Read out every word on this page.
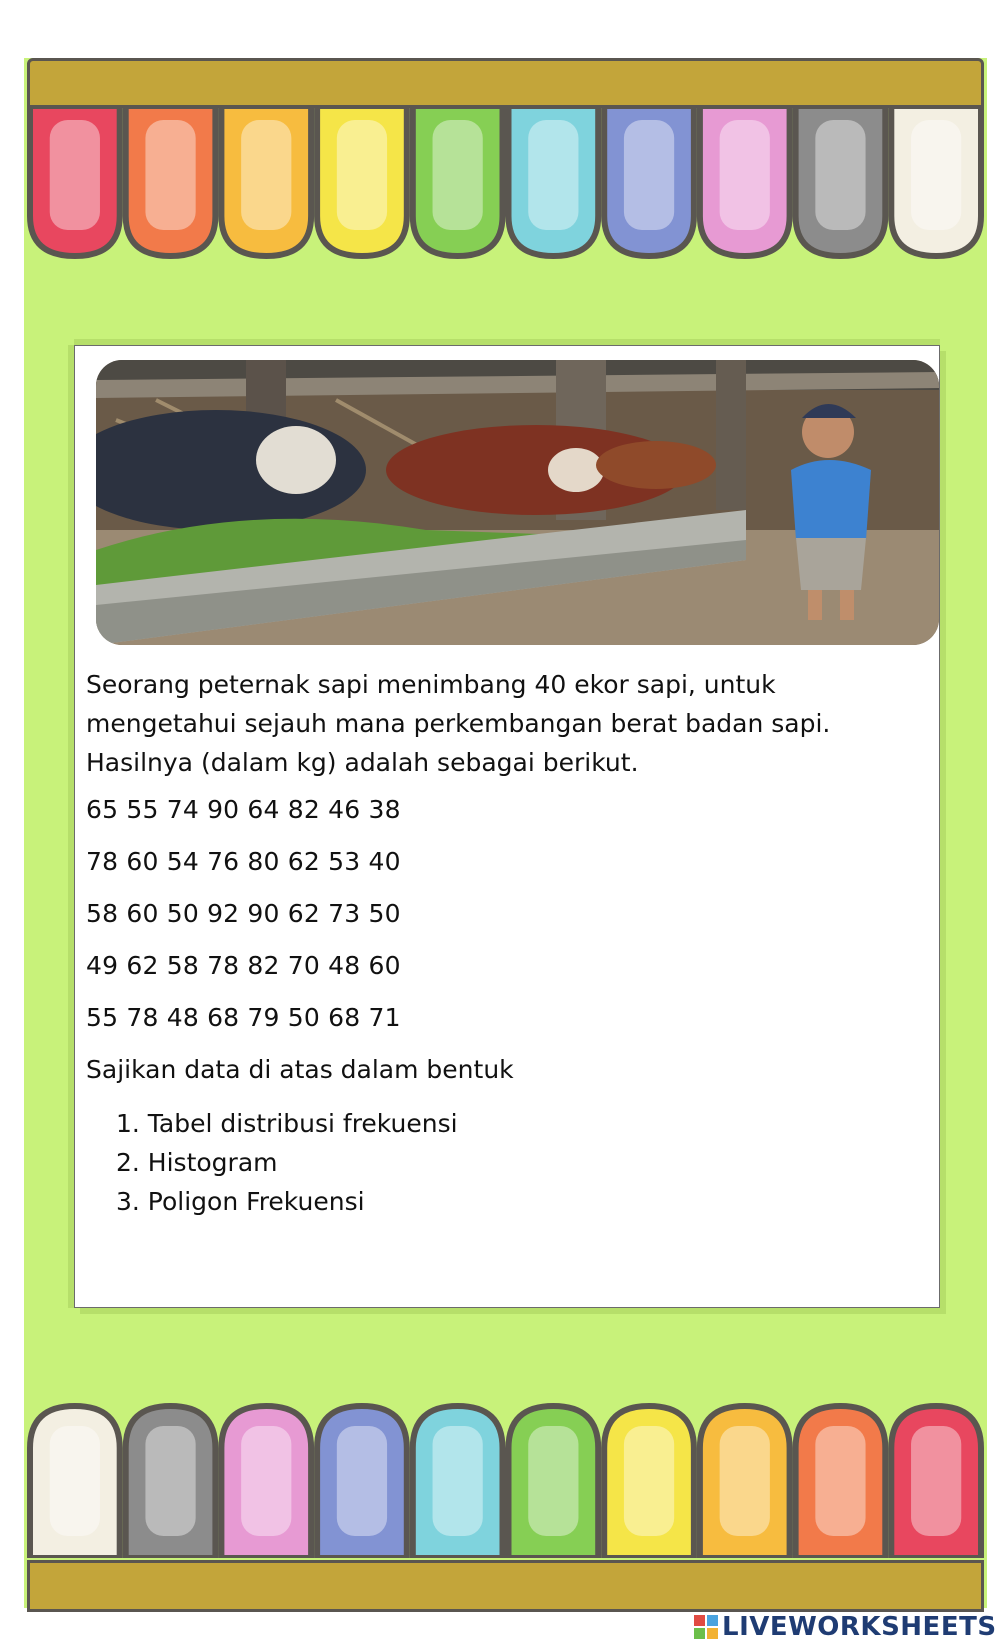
Seorang peternak sapi menimbang 40 ekor sapi, untuk mengetahui sejauh mana perkembangan berat badan sapi. Hasilnya (dalam kg) adalah sebagai berikut.

65 55 74 90 64 82 46 38
78 60 54 76 80 62 53 40
58 60 50 92 90 62 73 50
49 62 58 78 82 70 48 60
55 78 48 68 79 50 68 71

Sajikan data di atas dalam bentuk

1. Tabel distribusi frekuensi
2. Histogram
3. Poligon Frekuensi
LIVEWORKSHEETS
